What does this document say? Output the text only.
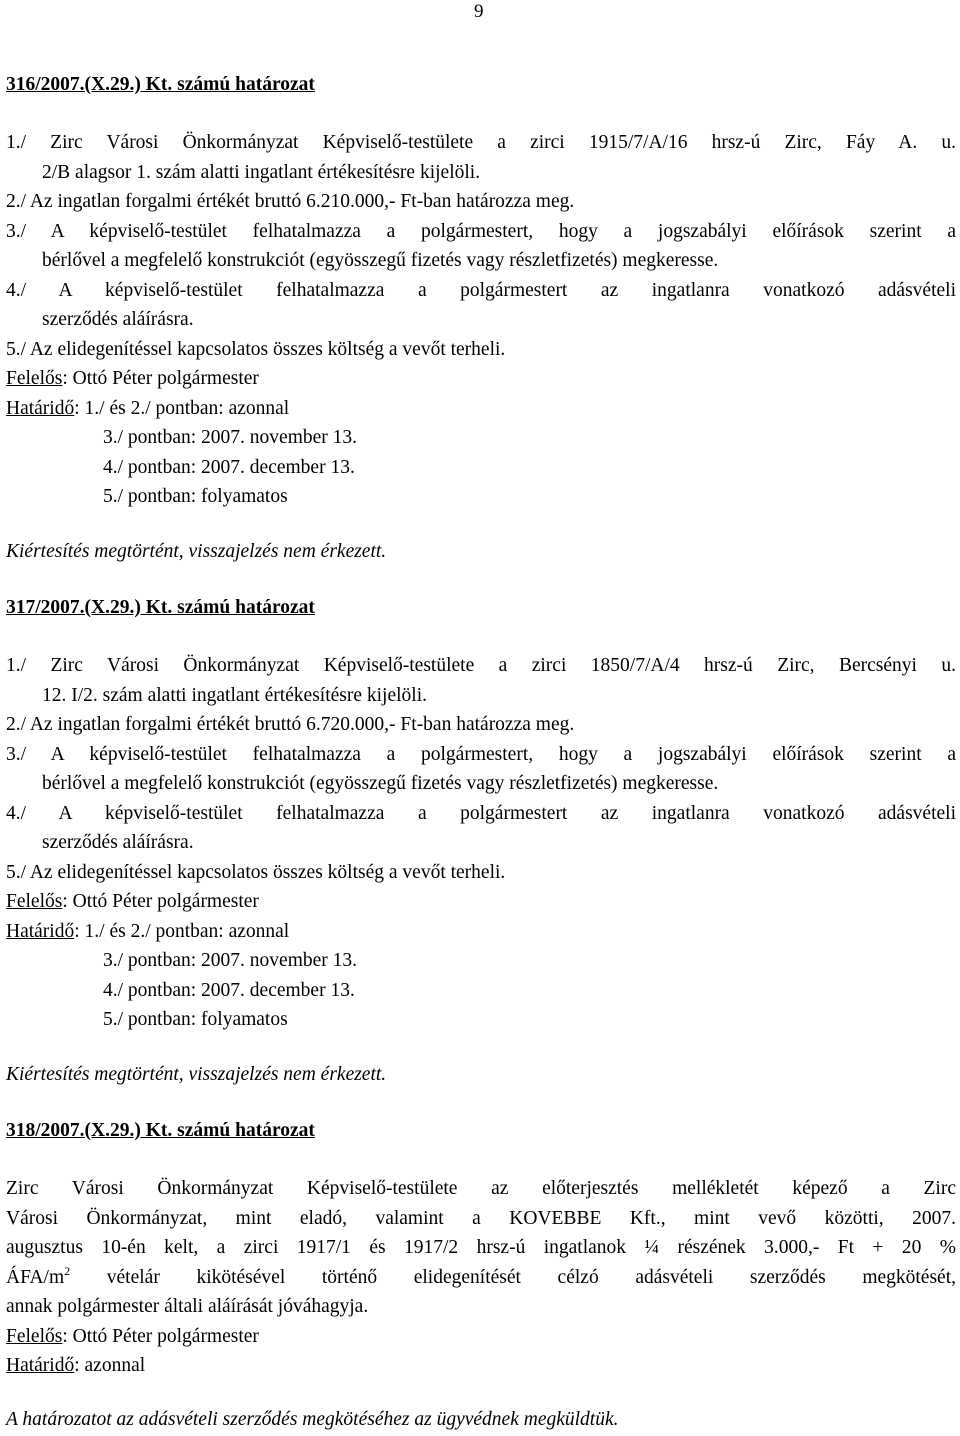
9
316/2007.(X.29.) Kt. számú határozat
1./ Zirc Városi Önkormányzat Képviselő-testülete a zirci 1915/7/A/16 hrsz-ú Zirc, Fáy A. u.
2/B alagsor 1. szám alatti ingatlant értékesítésre kijelöli.
2./ Az ingatlan forgalmi értékét bruttó 6.210.000,- Ft-ban határozza meg.
3./ A képviselő-testület felhatalmazza a polgármestert, hogy a jogszabályi előírások szerint a
bérlővel a megfelelő konstrukciót (egyösszegű fizetés vagy részletfizetés) megkeresse.
4./ A képviselő-testület felhatalmazza a polgármestert az ingatlanra vonatkozó adásvételi
szerződés aláírásra.
5./ Az elidegenítéssel kapcsolatos összes költség a vevőt terheli.
Felelős: Ottó Péter polgármester
Határidő: 1./ és 2./ pontban: azonnal
3./ pontban: 2007. november 13.
4./ pontban: 2007. december 13.
5./ pontban: folyamatos
Kiértesítés megtörtént, visszajelzés nem érkezett.
317/2007.(X.29.) Kt. számú határozat
1./ Zirc Városi Önkormányzat Képviselő-testülete a zirci 1850/7/A/4 hrsz-ú Zirc, Bercsényi u.
12. I/2. szám alatti ingatlant értékesítésre kijelöli.
2./ Az ingatlan forgalmi értékét bruttó 6.720.000,- Ft-ban határozza meg.
3./ A képviselő-testület felhatalmazza a polgármestert, hogy a jogszabályi előírások szerint a
bérlővel a megfelelő konstrukciót (egyösszegű fizetés vagy részletfizetés) megkeresse.
4./ A képviselő-testület felhatalmazza a polgármestert az ingatlanra vonatkozó adásvételi
szerződés aláírásra.
5./ Az elidegenítéssel kapcsolatos összes költség a vevőt terheli.
Felelős: Ottó Péter polgármester
Határidő: 1./ és 2./ pontban: azonnal
3./ pontban: 2007. november 13.
4./ pontban: 2007. december 13.
5./ pontban: folyamatos
Kiértesítés megtörtént, visszajelzés nem érkezett.
318/2007.(X.29.) Kt. számú határozat
Zirc Városi Önkormányzat Képviselő-testülete az előterjesztés mellékletét képező a Zirc
Városi Önkormányzat, mint eladó, valamint a KOVEBBE Kft., mint vevő közötti, 2007.
augusztus 10-én kelt, a zirci 1917/1 és 1917/2 hrsz-ú ingatlanok ¼ részének 3.000,- Ft + 20 %
ÁFA/$m^2$ vételár kikötésével történő elidegenítését célzó adásvételi szerződés megkötését,
annak polgármester általi aláírását jóváhagyja.
Felelős: Ottó Péter polgármester
Határidő: azonnal
A határozatot az adásvételi szerződés megkötéséhez az ügyvédnek megküldtük.
